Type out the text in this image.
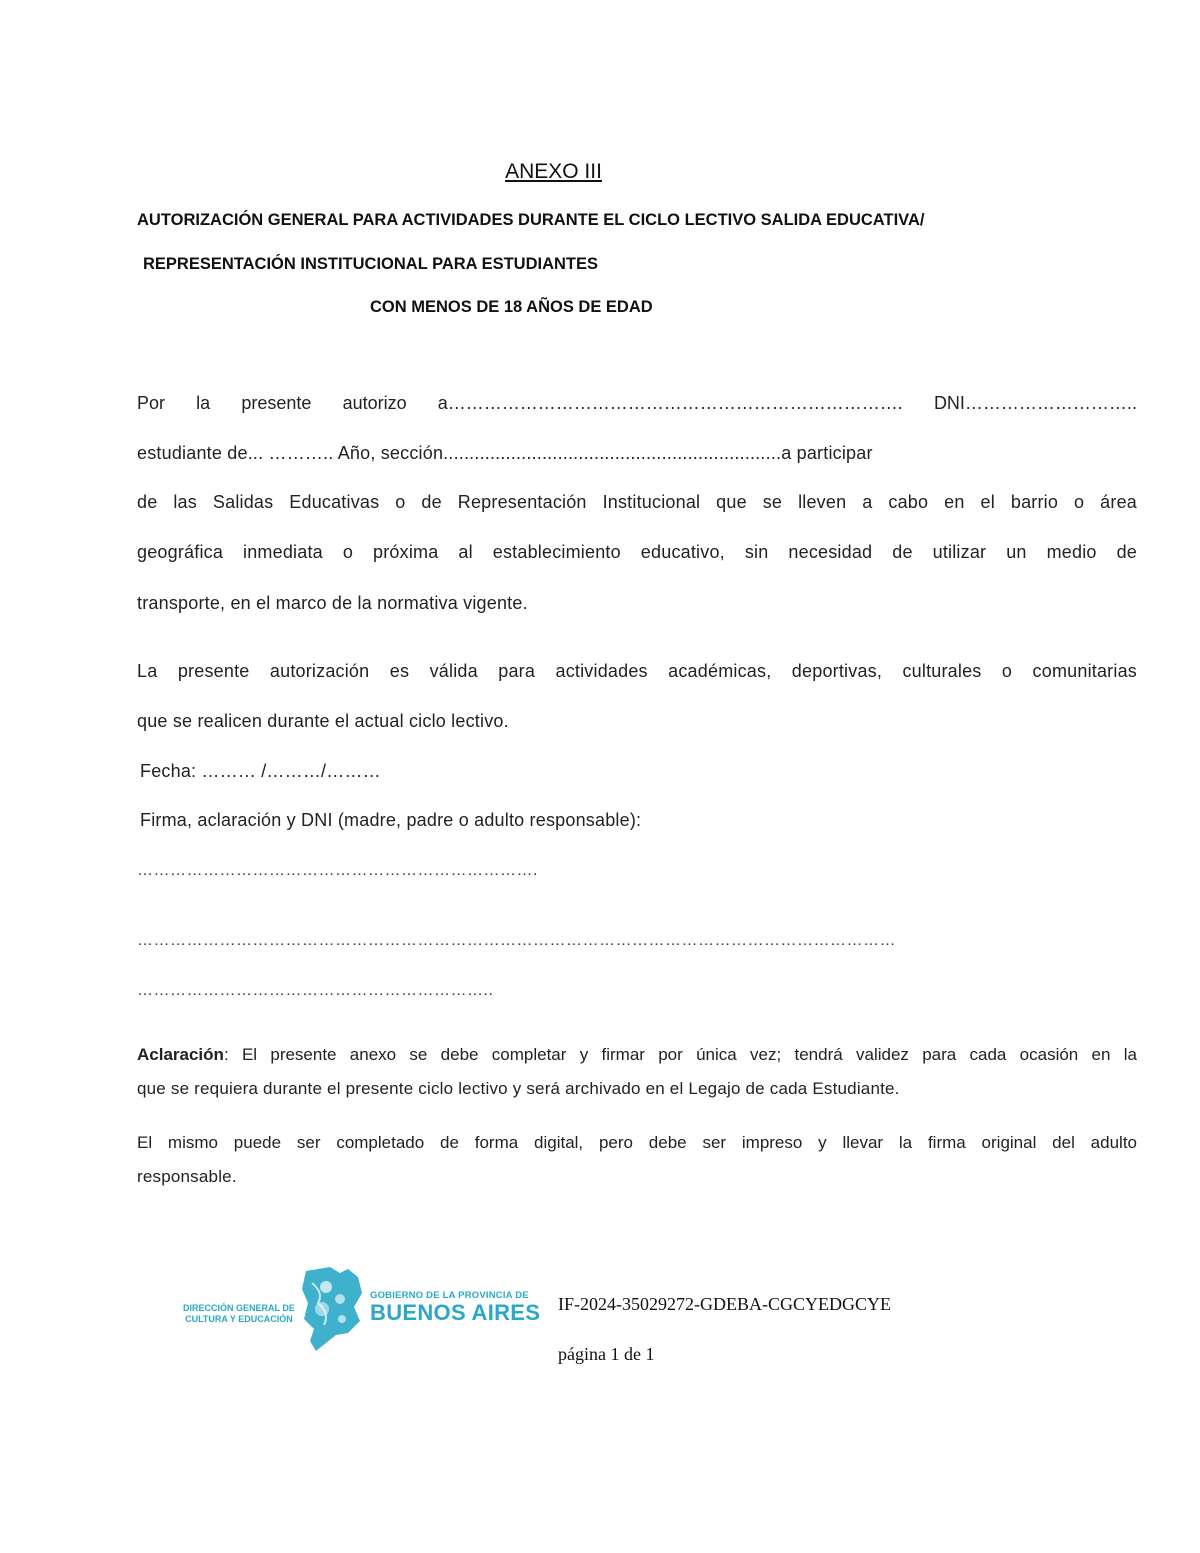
ANEXO III
AUTORIZACIÓN GENERAL PARA ACTIVIDADES DURANTE EL CICLO LECTIVO SALIDA EDUCATIVA/
REPRESENTACIÓN INSTITUCIONAL PARA ESTUDIANTES
CON MENOS DE 18 AÑOS DE EDAD
Por la presente autorizo a…………………………………………………………………. DNI………………………..
estudiante de... ……….. Año, sección.................................................................a participar
de las Salidas Educativas o de Representación Institucional que se lleven a cabo en el barrio o área
geográfica inmediata o próxima al establecimiento educativo, sin necesidad de utilizar un medio de
transporte, en el marco de la normativa vigente.
La presente autorización es válida para actividades académicas, deportivas, culturales o comunitarias
que se realicen durante el actual ciclo lectivo.
Fecha: ……… /………/………
Firma, aclaración y DNI (madre, padre o adulto responsable):
……………………………………………………………….
…………………………………………………………………………………………………………………………
………………………………………………………..
Aclaración: El presente anexo se debe completar y firmar por única vez; tendrá validez para cada ocasión en la
que se requiera durante el presente ciclo lectivo y será archivado en el Legajo de cada Estudiante.
El mismo puede ser completado de forma digital, pero debe ser impreso y llevar la firma original del adulto
responsable.
DIRECCIÓN GENERAL DE
CULTURA Y EDUCACIÓN
GOBIERNO DE LA PROVINCIA DE
BUENOS AIRES IF-2024-35029272-GDEBA-CGCYEDGCYE
página 1 de 1
